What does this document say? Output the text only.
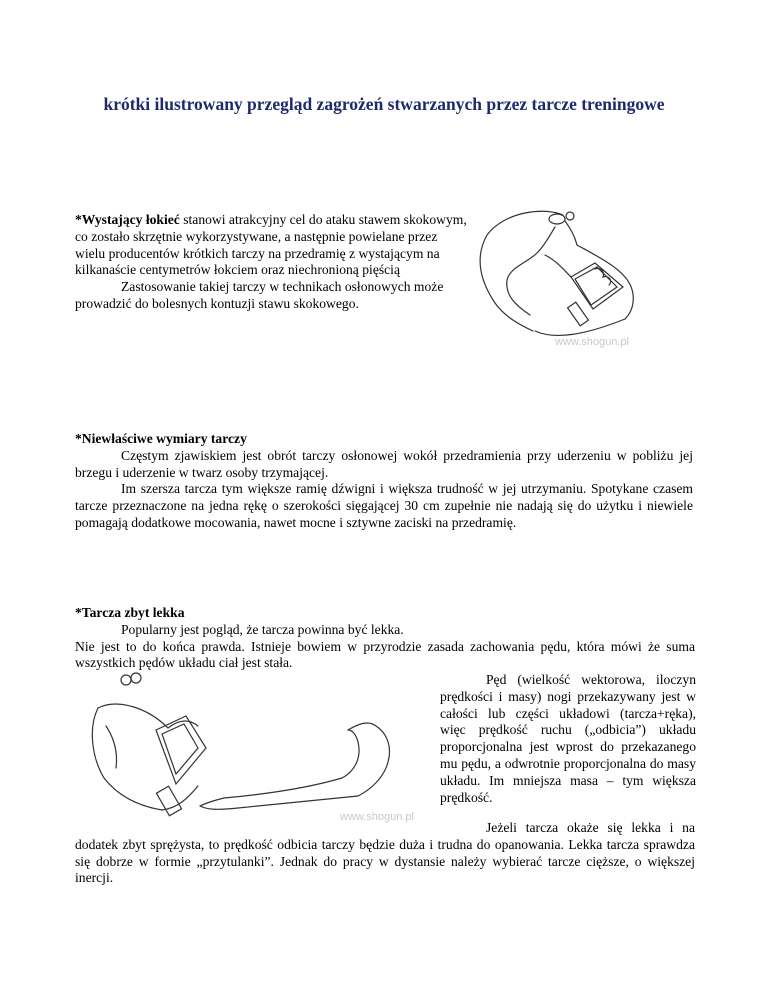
krótki ilustrowany przegląd zagrożeń stwarzanych przez tarcze treningowe

*Wystający łokieć stanowi atrakcyjny cel do ataku stawem skokowym, co zostało skrzętnie wykorzystywane, a następnie powielane przez wielu producentów krótkich tarczy na przedramię z wystającym na kilkanaście centymetrów łokciem oraz niechronioną pięścią

Zastosowanie takiej tarczy w technikach osłonowych może prowadzić do bolesnych kontuzji stawu skokowego.

www.shogun.pl

*Niewłaściwe wymiary tarczy

Częstym zjawiskiem jest obrót tarczy osłonowej wokół przedramienia przy uderzeniu w pobliżu jej brzegu i uderzenie w twarz osoby trzymającej.

Im szersza tarcza tym większe ramię dźwigni i większa trudność w jej utrzymaniu. Spotykane czasem tarcze przeznaczone na jedna rękę o szerokości sięgającej 30 cm zupełnie nie nadają się do użytku i niewiele pomagają dodatkowe mocowania, nawet mocne i sztywne zaciski na przedramię.

*Tarcza zbyt lekka

Popularny jest pogląd, że tarcza powinna być lekka.

Nie jest to do końca prawda. Istnieje bowiem w przyrodzie zasada zachowania pędu, która mówi że suma wszystkich pędów układu ciał jest stała.

Pęd (wielkość wektorowa, iloczyn prędkości i masy) nogi przekazywany jest w całości lub części układowi (tarcza+ręka), więc prędkość ruchu („odbicia”) układu proporcjonalna jest wprost do przekazanego mu pędu, a odwrotnie proporcjonalna do masy układu. Im mniejsza masa – tym większa prędkość.

Jeżeli tarcza okaże się lekka i na

dodatek zbyt sprężysta, to prędkość odbicia tarczy będzie duża i trudna do opanowania. Lekka tarcza sprawdza się dobrze w formie „przytulanki”. Jednak do pracy w dystansie należy wybierać tarcze cięższe, o większej inercji.

www.shogun.pl
